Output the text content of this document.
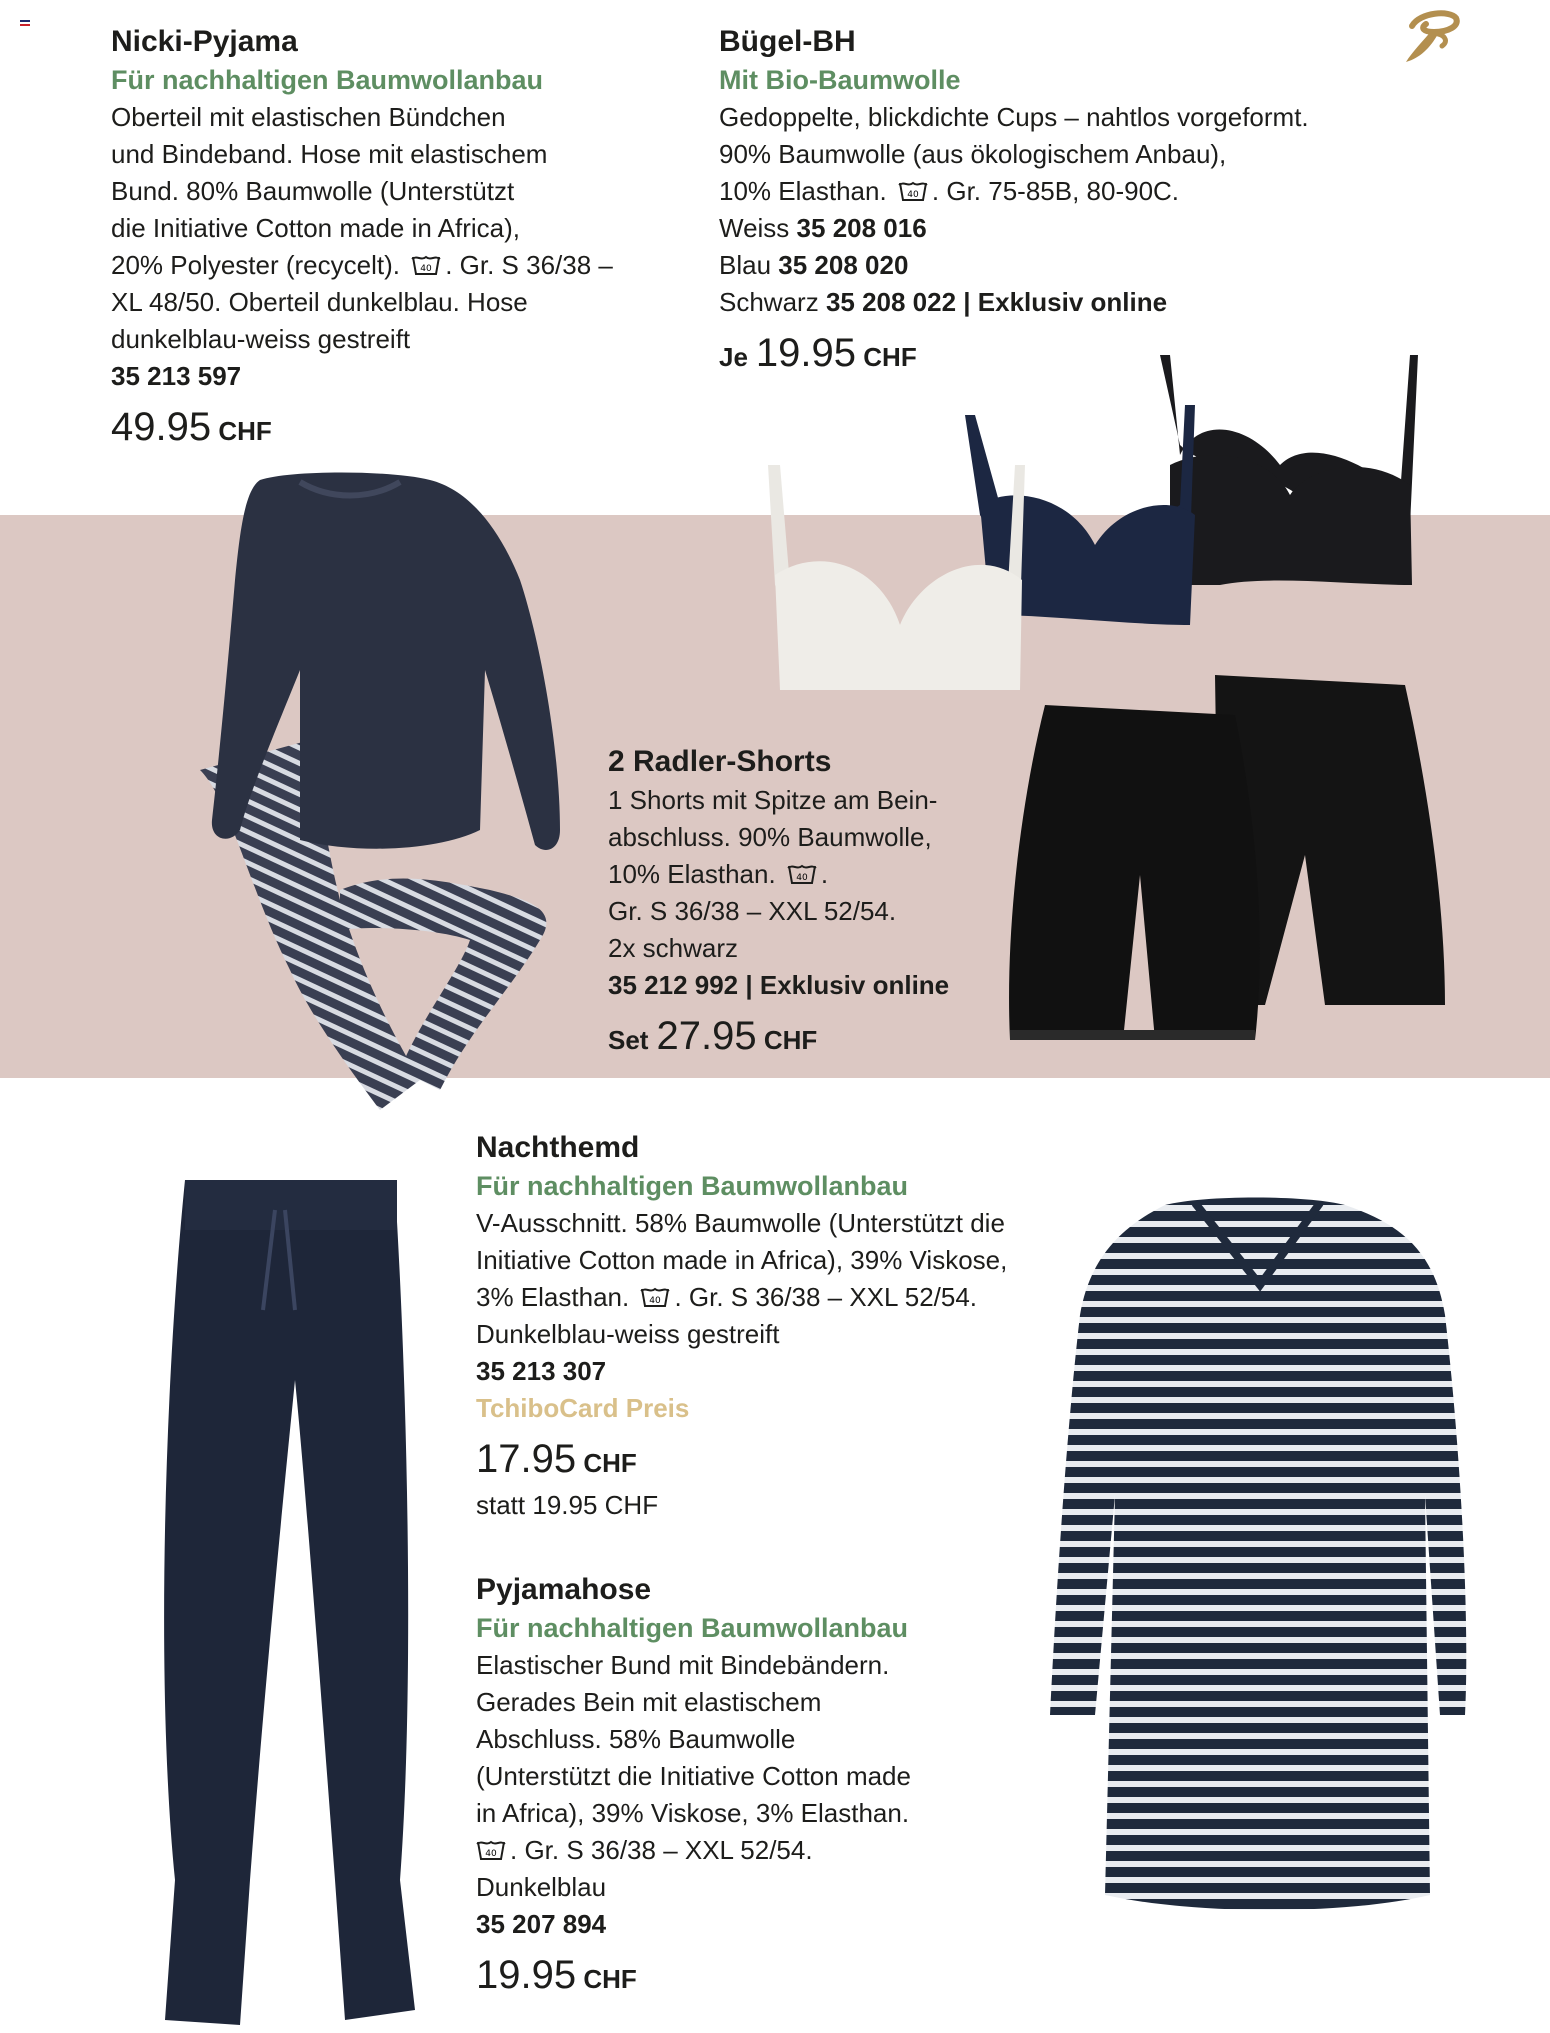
Nicki-Pyjama
Für nachhaltigen Baumwollanbau
Oberteil mit elastischen Bündchen
und Bindeband. Hose mit elastischem
Bund. 80% Baumwolle (Unterstützt
die Initiative Cotton made in Africa),
20% Polyester (recycelt). 40 . Gr. S 36/38 –
XL 48/50. Oberteil dunkelblau. Hose
dunkelblau-weiss gestreift
35 213 597
49.95 CHF
Bügel-BH
Mit Bio-Baumwolle
Gedoppelte, blickdichte Cups – nahtlos vorgeformt.
90% Baumwolle (aus ökologischem Anbau),
10% Elasthan. 40 . Gr. 75-85B, 80-90C.
Weiss 35 208 016
Blau 35 208 020
Schwarz 35 208 022 | Exklusiv online
Je 19.95 CHF
2 Radler-Shorts
1 Shorts mit Spitze am Bein-
abschluss. 90% Baumwolle,
10% Elasthan. 40 .
Gr. S 36/38 – XXL 52/54.
2x schwarz
35 212 992 | Exklusiv online
Set 27.95 CHF
Nachthemd
Für nachhaltigen Baumwollanbau
V-Ausschnitt. 58% Baumwolle (Unterstützt die
Initiative Cotton made in Africa), 39% Viskose,
3% Elasthan. 40 . Gr. S 36/38 – XXL 52/54.
Dunkelblau-weiss gestreift
35 213 307
TchiboCard Preis
17.95 CHF
statt 19.95 CHF
Pyjamahose
Für nachhaltigen Baumwollanbau
Elastischer Bund mit Bindebändern.
Gerades Bein mit elastischem
Abschluss. 58% Baumwolle
(Unterstützt die Initiative Cotton made
in Africa), 39% Viskose, 3% Elasthan.
40 . Gr. S 36/38 – XXL 52/54.
Dunkelblau
35 207 894
19.95 CHF
